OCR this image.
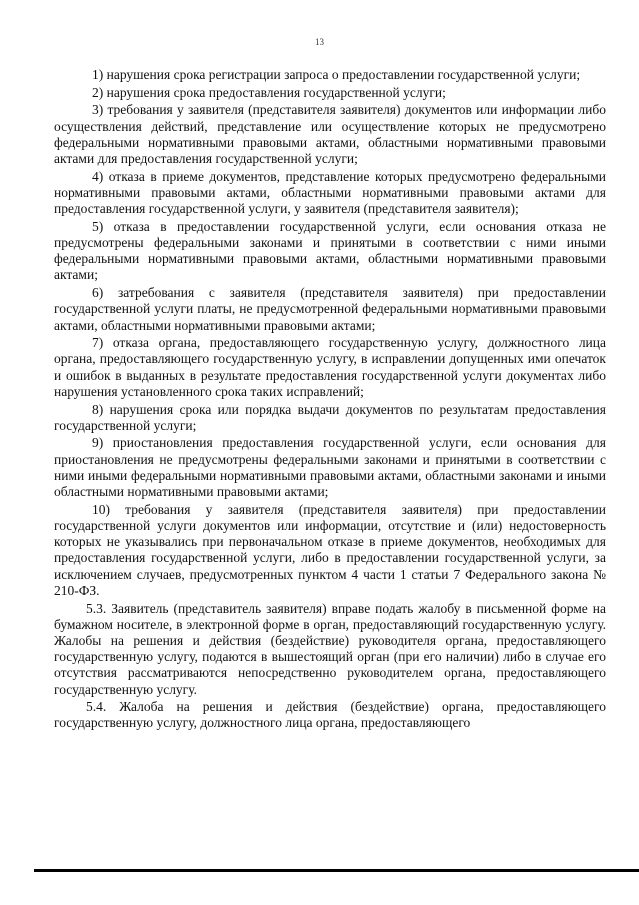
13

1) нарушения срока регистрации запроса о предоставлении государственной услуги;

2) нарушения срока предоставления государственной услуги;

3) требования у заявителя (представителя заявителя) документов или информации либо осуществления действий, представление или осуществление которых не предусмотрено федеральными нормативными правовыми актами, областными нормативными правовыми актами для предоставления государственной услуги;

4) отказа в приеме документов, представление которых предусмотрено федеральными нормативными правовыми актами, областными нормативными правовыми актами для предоставления государственной услуги, у заявителя (представителя заявителя);

5) отказа в предоставлении государственной услуги, если основания отказа не предусмотрены федеральными законами и принятыми в соответствии с ними иными федеральными нормативными правовыми актами, областными нормативными правовыми актами;

6) затребования с заявителя (представителя заявителя) при предоставлении государственной услуги платы, не предусмотренной федеральными нормативными правовыми актами, областными нормативными правовыми актами;

7) отказа органа, предоставляющего государственную услугу, должностного лица органа, предоставляющего государственную услугу, в исправлении допущенных ими опечаток и ошибок в выданных в результате предоставления государственной услуги документах либо нарушения установленного срока таких исправлений;

8) нарушения срока или порядка выдачи документов по результатам предоставления государственной услуги;

9) приостановления предоставления государственной услуги, если основания для приостановления не предусмотрены федеральными законами и принятыми в соответствии с ними иными федеральными нормативными правовыми актами, областными законами и иными областными нормативными правовыми актами;

10) требования у заявителя (представителя заявителя) при предоставлении государственной услуги документов или информации, отсутствие и (или) недостоверность которых не указывались при первоначальном отказе в приеме документов, необходимых для предоставления государственной услуги, либо в предоставлении государственной услуги, за исключением случаев, предусмотренных пунктом 4 части 1 статьи 7 Федерального закона № 210-ФЗ.

5.3. Заявитель (представитель заявителя) вправе подать жалобу в письменной форме на бумажном носителе, в электронной форме в орган, предоставляющий государственную услугу. Жалобы на решения и действия (бездействие) руководителя органа, предоставляющего государственную услугу, подаются в вышестоящий орган (при его наличии) либо в случае его отсутствия рассматриваются непосредственно руководителем органа, предоставляющего государственную услугу.

5.4. Жалоба на решения и действия (бездействие) органа, предоставляющего государственную услугу, должностного лица органа, предоставляющего
